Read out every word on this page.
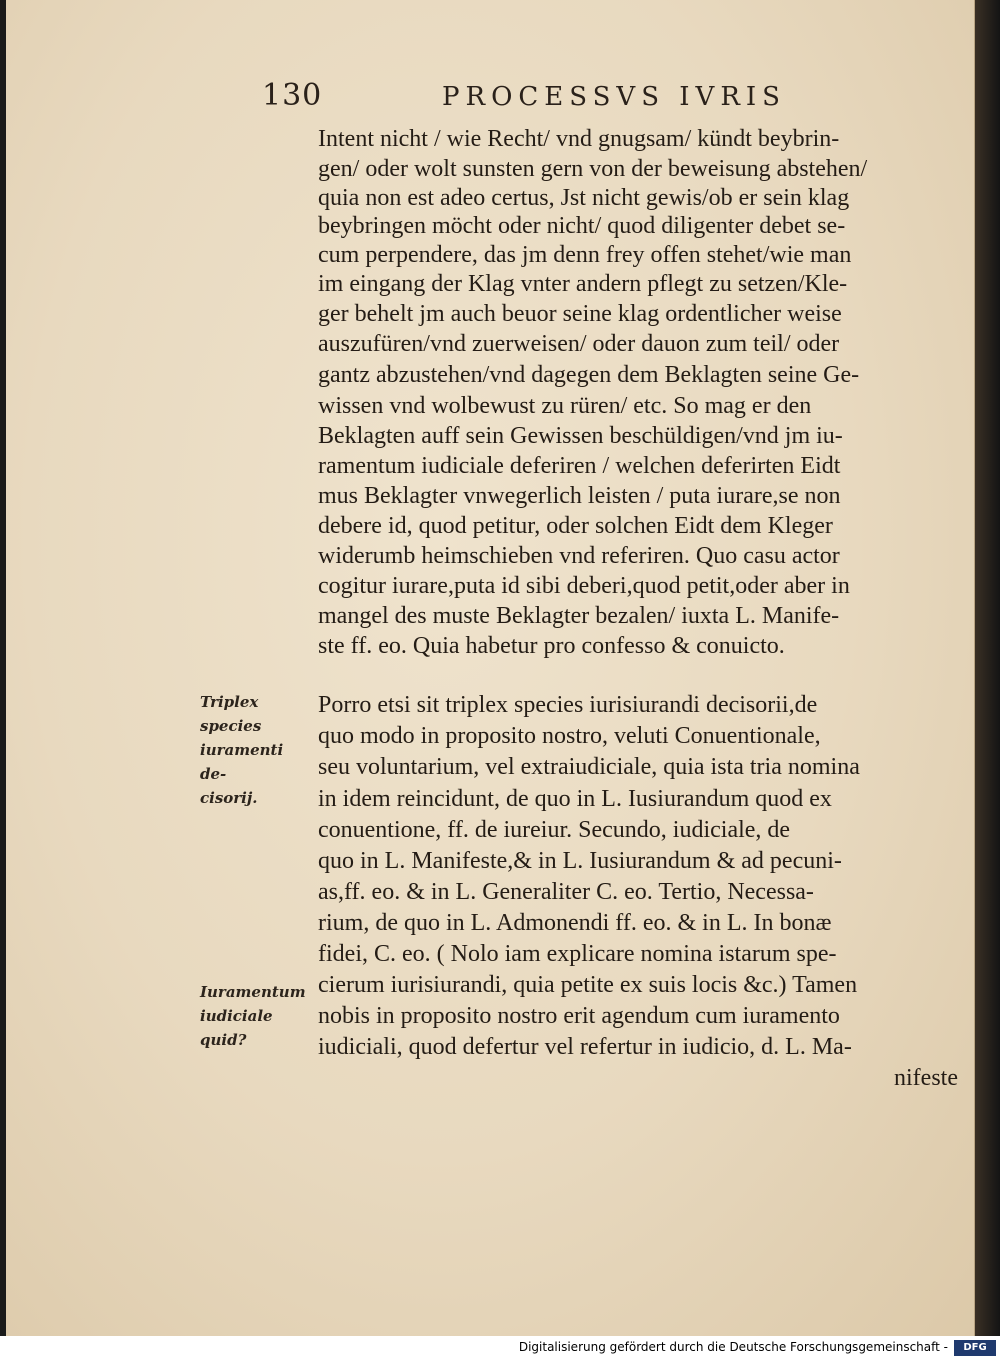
130	PROCESSVS IVRIS
Intent nicht / wie Recht/ vnd gnugsam/ kündt beybrin-
gen/ oder wolt sunsten gern von der beweisung abstehen/
quia non est adeo certus, Jst nicht gewis/ob er sein klag
beybringen möcht oder nicht/ quod diligenter debet se-
cum perpendere, das jm denn frey offen stehet/wie man
im eingang der Klag vnter andern pflegt zu setzen/Kle-
ger behelt jm auch beuor seine klag ordentlicher weise
auszufüren/vnd zuerweisen/ oder dauon zum teil/ oder
gantz abzustehen/vnd dagegen dem Beklagten seine Ge-
wissen vnd wolbewust zu rüren/ etc. So mag er den
Beklagten auff sein Gewissen beschüldigen/vnd jm iu-
ramentum iudiciale deferiren / welchen deferirten Eidt
mus Beklagter vnwegerlich leisten / puta iurare,se non
debere id, quod petitur, oder solchen Eidt dem Kleger
widerumb heimschieben vnd referiren. Quo casu actor
cogitur iurare,puta id sibi deberi,quod petit,oder aber in
mangel des muste Beklagter bezalen/ iuxta L. Manife-
ste ff. eo. Quia habetur pro confesso & conuicto.
Porro etsi sit triplex species iurisiurandi decisorii,de
quo modo in proposito nostro, veluti Conuentionale,
seu voluntarium, vel extraiudiciale, quia ista tria nomina
in idem reincidunt, de quo in L. Iusiurandum quod ex
conuentione, ff. de iureiur. Secundo, iudiciale, de
quo in L. Manifeste,& in L. Iusiurandum & ad pecuni-
as,ff. eo. & in L. Generaliter C. eo. Tertio, Necessa-
rium, de quo in L. Admonendi ff. eo. & in L. In bonæ
fidei, C. eo. ( Nolo iam explicare nomina istarum spe-
cierum iurisiurandi, quia petite ex suis locis &c.) Tamen
nobis in proposito nostro erit agendum cum iuramento
iudiciali, quod defertur vel refertur in iudicio, d. L. Ma-
nifeste
Triplex species
iuramenti de-
cisorij.
Iuramentum
iudiciale
quid?
Digitalisierung gefördert durch die Deutsche Forschungsgemeinschaft -	DFG
